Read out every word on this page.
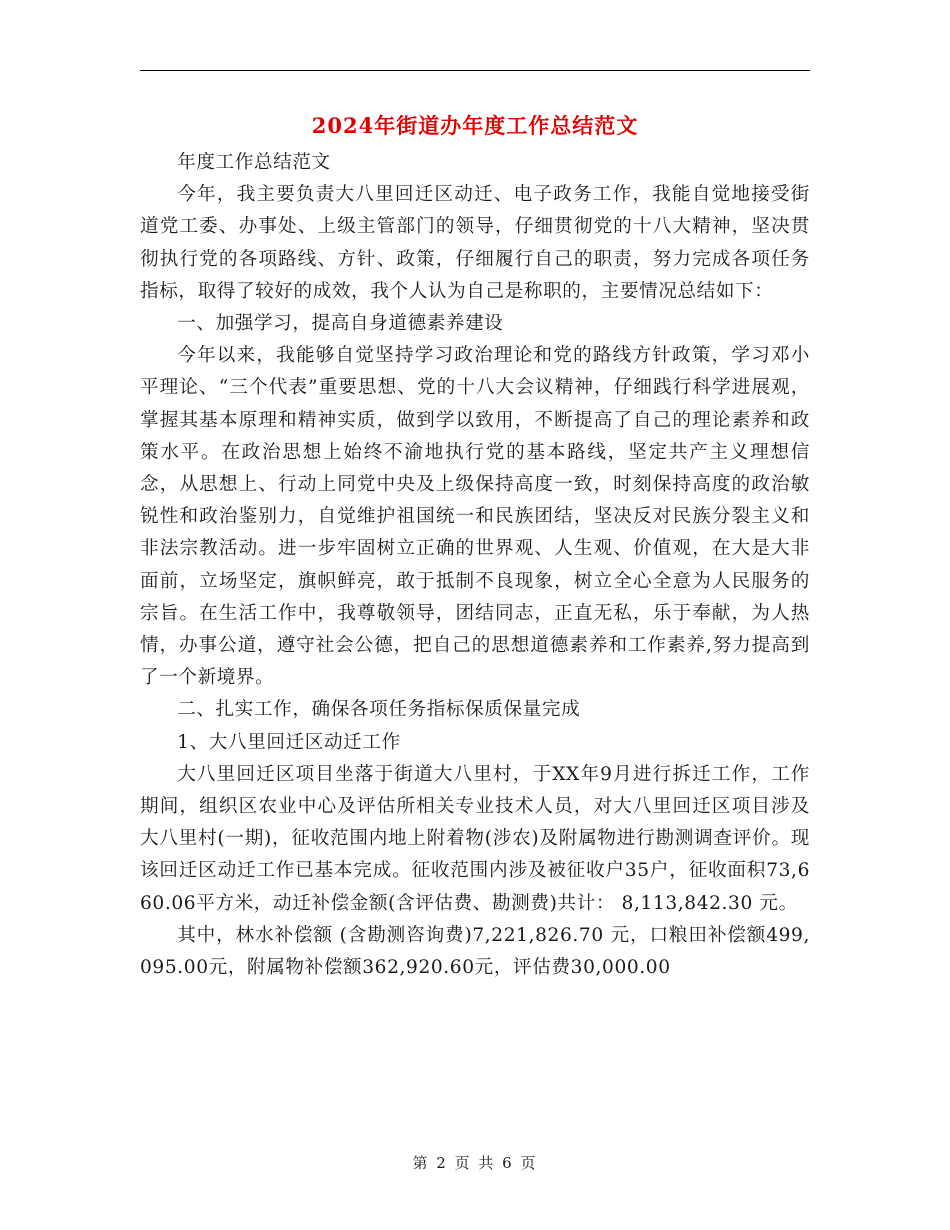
2024年街道办年度工作总结范文

年度工作总结范文

今年，我主要负责大八里回迁区动迁、电子政务工作，我能自觉地接受街道党工委、办事处、上级主管部门的领导，仔细贯彻党的十八大精神，坚决贯彻执行党的各项路线、方针、政策，仔细履行自己的职责，努力完成各项任务指标，取得了较好的成效，我个人认为自己是称职的，主要情况总结如下：

一、加强学习，提高自身道德素养建设

今年以来，我能够自觉坚持学习政治理论和党的路线方针政策，学习邓小平理论、“三个代表”重要思想、党的十八大会议精神，仔细践行科学进展观，掌握其基本原理和精神实质，做到学以致用，不断提高了自己的理论素养和政策水平。在政治思想上始终不渝地执行党的基本路线，坚定共产主义理想信念，从思想上、行动上同党中央及上级保持高度一致，时刻保持高度的政治敏锐性和政治鉴别力，自觉维护祖国统一和民族团结，坚决反对民族分裂主义和非法宗教活动。进一步牢固树立正确的世界观、人生观、价值观，在大是大非面前，立场坚定，旗帜鲜亮，敢于抵制不良现象，树立全心全意为人民服务的宗旨。在生活工作中，我尊敬领导，团结同志，正直无私，乐于奉献，为人热情，办事公道，遵守社会公德，把自己的思想道德素养和工作素养,努力提高到了一个新境界。

二、扎实工作，确保各项任务指标保质保量完成

1、大八里回迁区动迁工作

大八里回迁区项目坐落于街道大八里村，于XX年9月进行拆迁工作，工作期间，组织区农业中心及评估所相关专业技术人员，对大八里回迁区项目涉及大八里村(一期)，征收范围内地上附着物(涉农)及附属物进行勘测调查评价。现该回迁区动迁工作已基本完成。征收范围内涉及被征收户35户，征收面积73,660.06平方米，动迁补偿金额(含评估费、勘测费)共计： 8,113,842.30 元。

其中，林水补偿额 (含勘测咨询费)7,221,826.70 元，口粮田补偿额499,095.00元，附属物补偿额362,920.60元，评估费30,000.00

第 2 页 共 6 页
